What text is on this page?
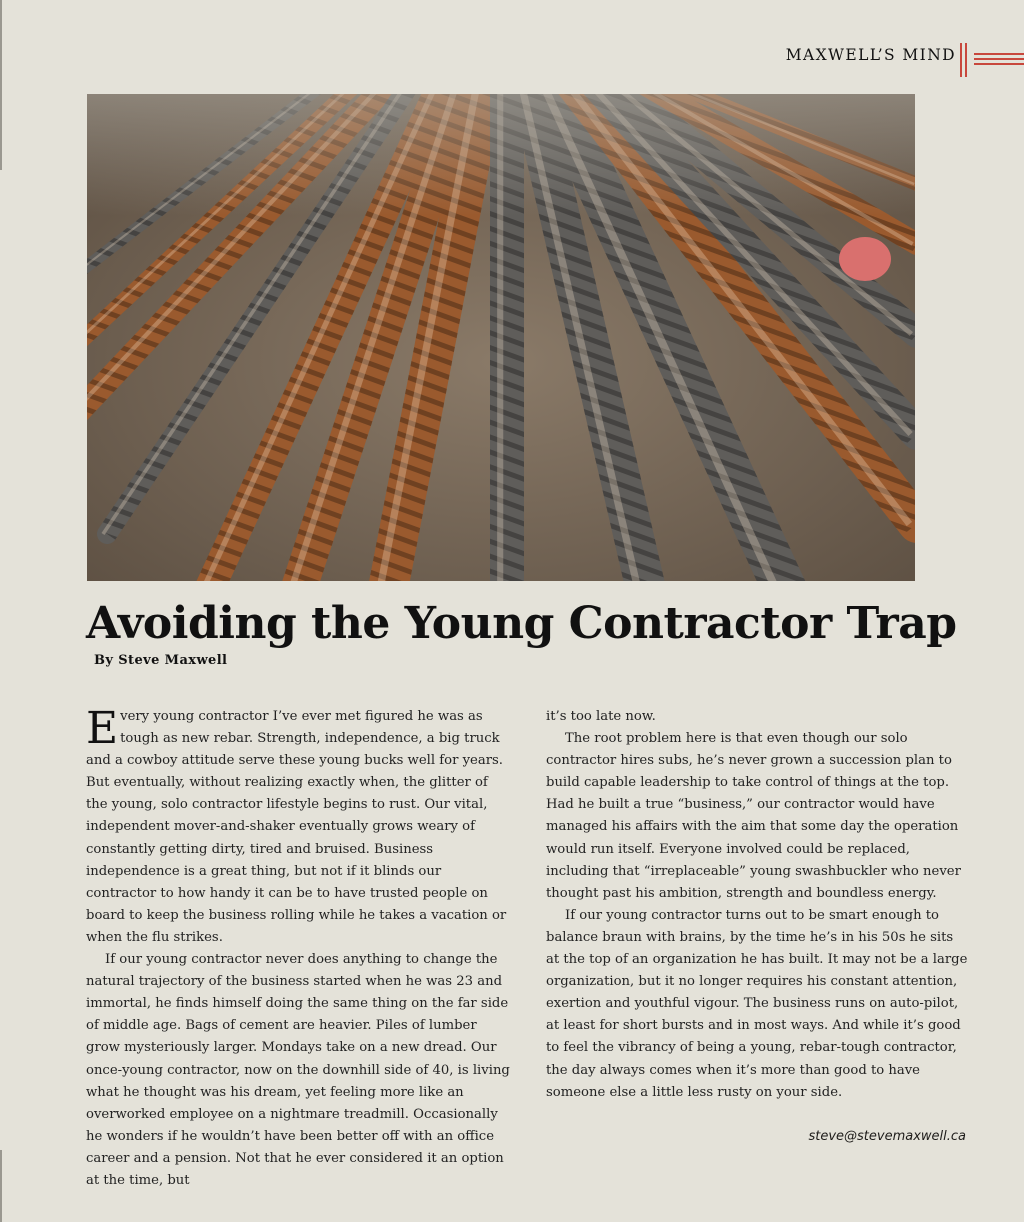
MAXWELL’S MIND
Avoiding the Young Contractor Trap
By Steve Maxwell

Every young contractor I’ve ever met figured he was as tough as new rebar. Strength, independence, a big truck and a cowboy attitude serve these young bucks well for years. But eventually, without realizing exactly when, the glitter of the young, solo contractor lifestyle begins to rust. Our vital, independent mover-and-shaker eventually grows weary of constantly getting dirty, tired and bruised. Business independence is a great thing, but not if it blinds our contractor to how handy it can be to have trusted people on board to keep the business rolling while he takes a vacation or when the flu strikes.

If our young contractor never does anything to change the natural trajectory of the business started when he was 23 and immortal, he finds himself doing the same thing on the far side of middle age. Bags of cement are heavier. Piles of lumber grow mysteriously larger. Mondays take on a new dread. Our once-young contractor, now on the downhill side of 40, is living what he thought was his dream, yet feeling more like an overworked employee on a nightmare treadmill. Occasionally he wonders if he wouldn’t have been better off with an office career and a pension. Not that he ever considered it an option at the time, but

it’s too late now.

The root problem here is that even though our solo contractor hires subs, he’s never grown a succession plan to build capable leadership to take control of things at the top. Had he built a true “business,” our contractor would have managed his affairs with the aim that some day the operation would run itself. Everyone involved could be replaced, including that “irreplaceable” young swashbuckler who never thought past his ambition, strength and boundless energy.

If our young contractor turns out to be smart enough to balance braun with brains, by the time he’s in his 50s he sits at the top of an organization he has built. It may not be a large organization, but it no longer requires his constant attention, exertion and youthful vigour. The business runs on auto-pilot, at least for short bursts and in most ways. And while it’s good to feel the vibrancy of being a young, rebar-tough contractor, the day always comes when it’s more than good to have someone else a little less rusty on your side.

steve@stevemaxwell.ca
